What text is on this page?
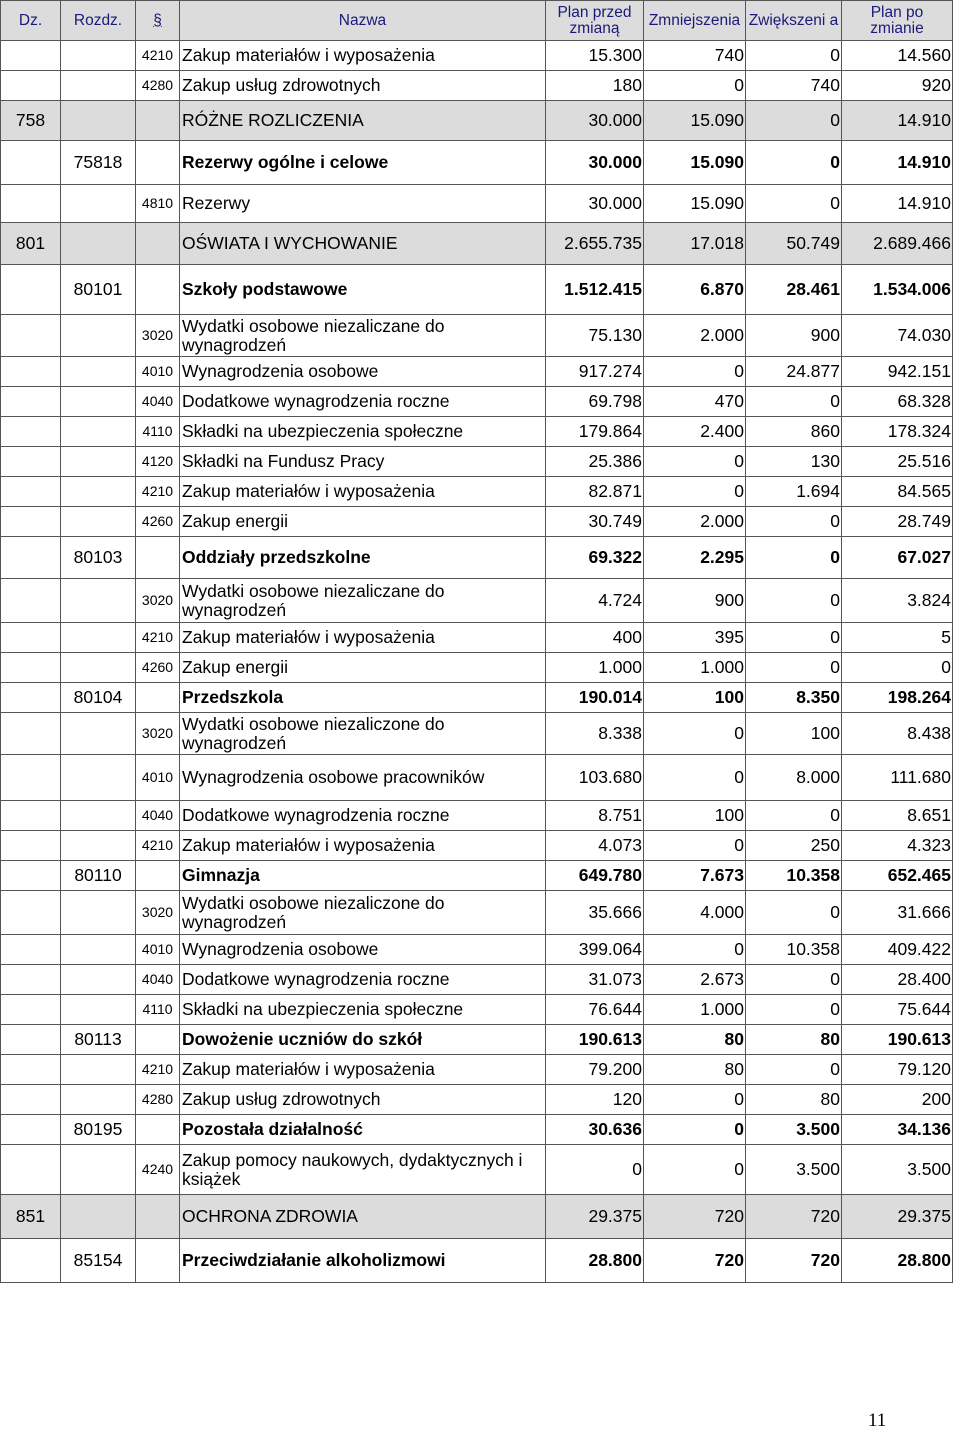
Dz.	Rozdz.	§	Nazwa	Plan przed zmianą	Zmniejszenia	Zwiększeni a	Plan po zmianie
		4210	Zakup materiałów i wyposażenia	15.300	740	0	14.560
		4280	Zakup usług zdrowotnych	180	0	740	920
758			RÓŻNE ROZLICZENIA	30.000	15.090	0	14.910
	75818		Rezerwy ogólne i celowe	30.000	15.090	0	14.910
		4810	Rezerwy	30.000	15.090	0	14.910
801			OŚWIATA I WYCHOWANIE	2.655.735	17.018	50.749	2.689.466
	80101		Szkoły podstawowe	1.512.415	6.870	28.461	1.534.006
		3020	Wydatki osobowe niezaliczane do wynagrodzeń	75.130	2.000	900	74.030
		4010	Wynagrodzenia osobowe	917.274	0	24.877	942.151
		4040	Dodatkowe wynagrodzenia roczne	69.798	470	0	68.328
		4110	Składki na ubezpieczenia społeczne	179.864	2.400	860	178.324
		4120	Składki na Fundusz Pracy	25.386	0	130	25.516
		4210	Zakup materiałów i wyposażenia	82.871	0	1.694	84.565
		4260	Zakup energii	30.749	2.000	0	28.749
	80103		Oddziały przedszkolne	69.322	2.295	0	67.027
		3020	Wydatki osobowe niezaliczane do wynagrodzeń	4.724	900	0	3.824
		4210	Zakup materiałów i wyposażenia	400	395	0	5
		4260	Zakup energii	1.000	1.000	0	0
	80104		Przedszkola	190.014	100	8.350	198.264
		3020	Wydatki osobowe niezaliczone do wynagrodzeń	8.338	0	100	8.438
		4010	Wynagrodzenia osobowe pracowników	103.680	0	8.000	111.680
		4040	Dodatkowe wynagrodzenia roczne	8.751	100	0	8.651
		4210	Zakup materiałów i wyposażenia	4.073	0	250	4.323
	80110		Gimnazja	649.780	7.673	10.358	652.465
		3020	Wydatki osobowe niezaliczone do wynagrodzeń	35.666	4.000	0	31.666
		4010	Wynagrodzenia osobowe	399.064	0	10.358	409.422
		4040	Dodatkowe wynagrodzenia roczne	31.073	2.673	0	28.400
		4110	Składki na ubezpieczenia społeczne	76.644	1.000	0	75.644
	80113		Dowożenie uczniów do szkół	190.613	80	80	190.613
		4210	Zakup materiałów i wyposażenia	79.200	80	0	79.120
		4280	Zakup usług zdrowotnych	120	0	80	200
	80195		Pozostała działalność	30.636	0	3.500	34.136
		4240	Zakup pomocy naukowych, dydaktycznych i książek	0	0	3.500	3.500
851			OCHRONA ZDROWIA	29.375	720	720	29.375
	85154		Przeciwdziałanie alkoholizmowi	28.800	720	720	28.800
11
